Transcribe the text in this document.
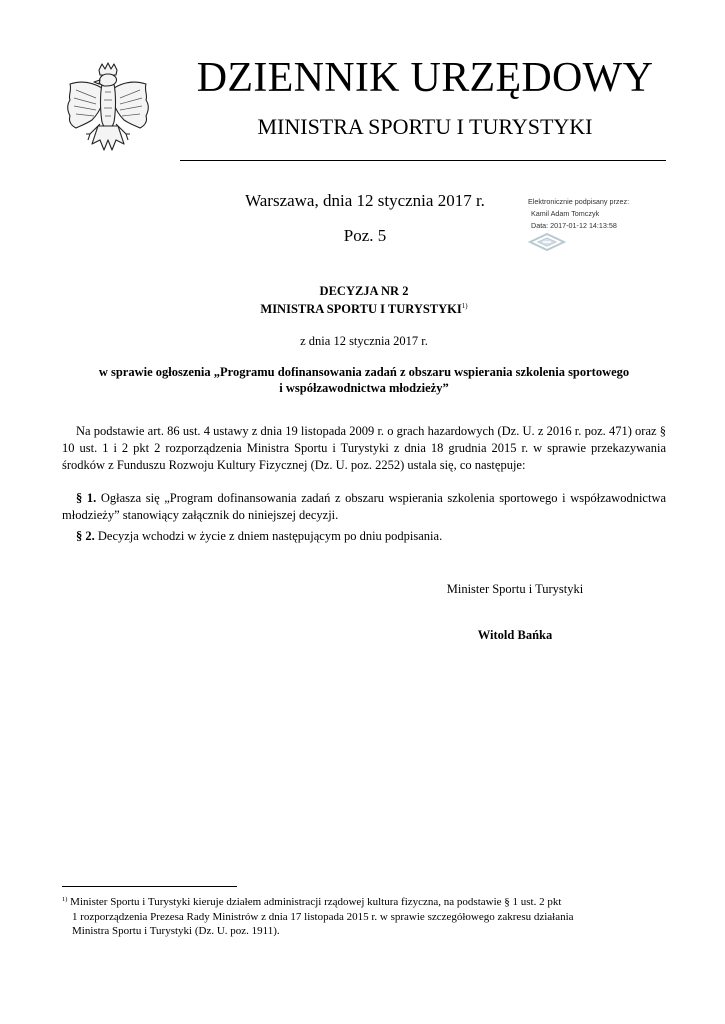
DZIENNIK URZĘDOWY
MINISTRA SPORTU I TURYSTYKI
Warszawa, dnia 12 stycznia 2017 r.
Poz. 5
Elektronicznie podpisany przez:
Kamil Adam Tomczyk
Data: 2017-01-12 14:13:58
DECYZJA NR 2
MINISTRA SPORTU I TURYSTYKI$^{1)}$
z dnia 12 stycznia 2017 r.
w sprawie ogłoszenia „Programu dofinansowania zadań z obszaru wspierania szkolenia sportowego
i współzawodnictwa młodzieży”
Na podstawie art. 86 ust. 4 ustawy z dnia 19 listopada 2009 r. o grach hazardowych (Dz. U. z 2016 r. poz. 471) oraz § 10 ust. 1 i 2 pkt 2 rozporządzenia Ministra Sportu i Turystyki z dnia 18 grudnia 2015 r. w sprawie przekazywania środków z Funduszu Rozwoju Kultury Fizycznej (Dz. U. poz. 2252) ustala się, co następuje:
§ 1. Ogłasza się „Program dofinansowania zadań z obszaru wspierania szkolenia sportowego i współzawodnictwa młodzieży” stanowiący załącznik do niniejszej decyzji.
§ 2. Decyzja wchodzi w życie z dniem następującym po dniu podpisania.
Minister Sportu i Turystyki
Witold Bańka
$^{1)}$ Minister Sportu i Turystyki kieruje działem administracji rządowej kultura fizyczna, na podstawie § 1 ust. 2 pkt
1 rozporządzenia Prezesa Rady Ministrów z dnia 17 listopada 2015 r. w sprawie szczegółowego zakresu działania
Ministra Sportu i Turystyki (Dz. U. poz. 1911).
